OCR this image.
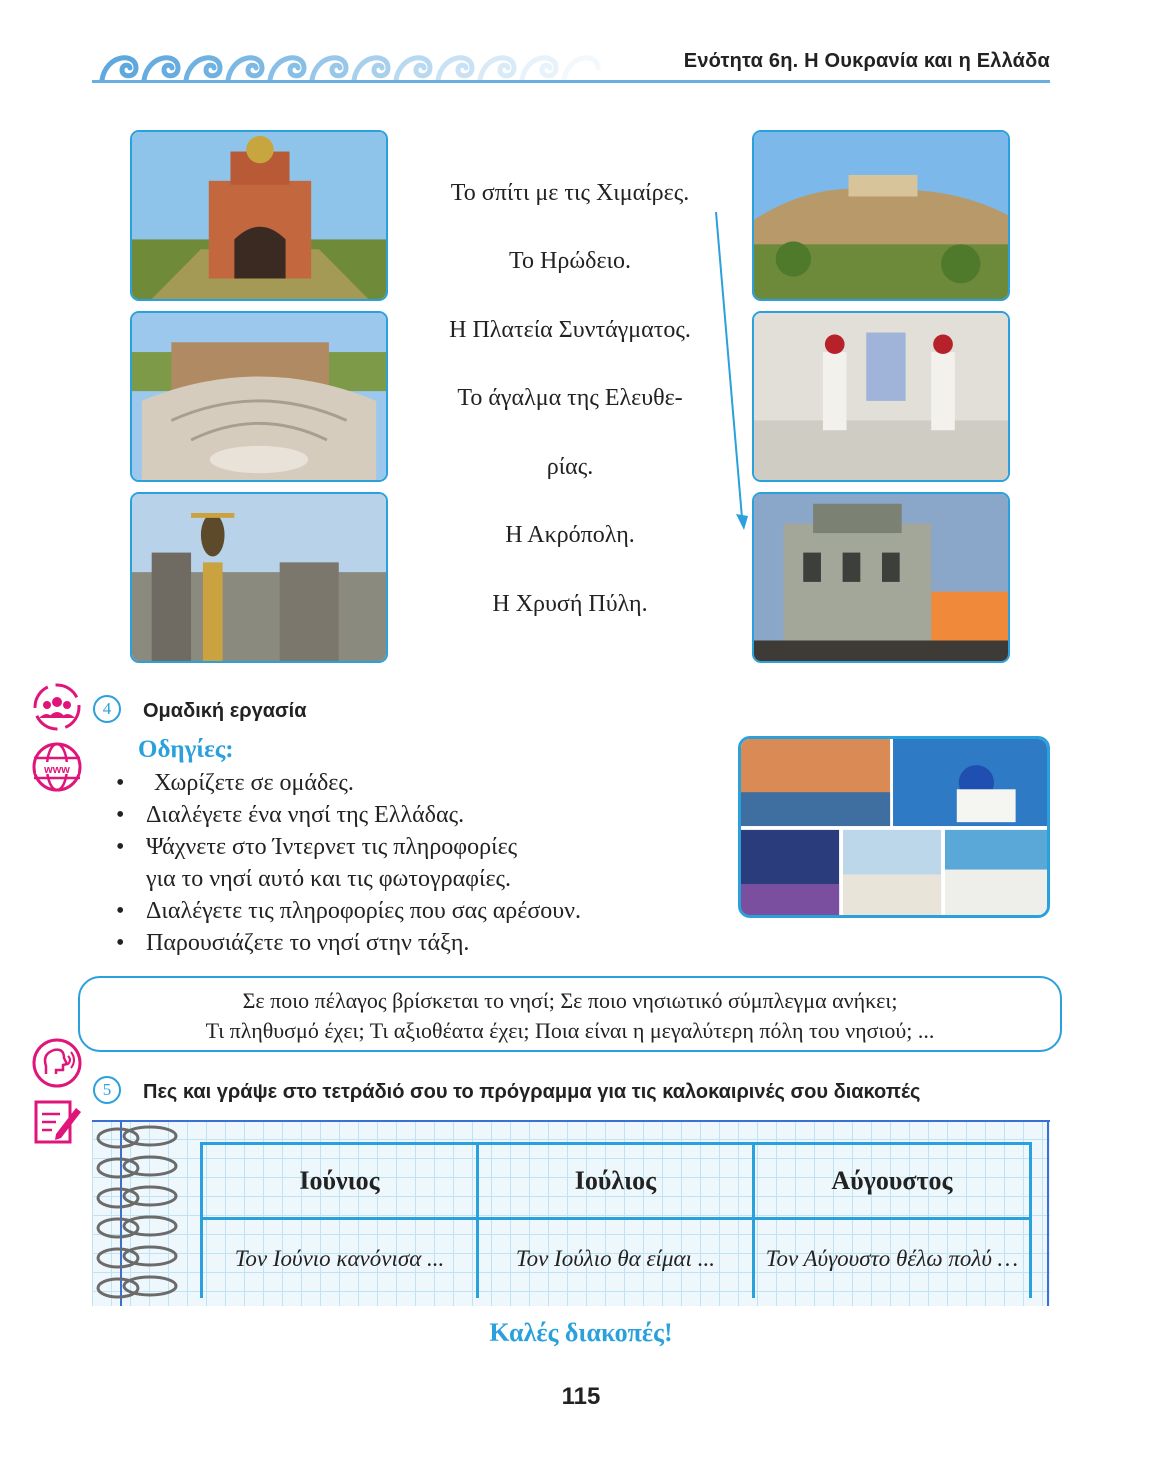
Ενότητα 6η. Η Ουκρανία και η Ελλάδα
Το σπίτι με τις Χιμαίρες.
Το Ηρώδειο.
Η Πλατεία Συντάγματος.
Το άγαλμα της Ελευθε-
ρίας.
Η Ακρόπολη.
Η Χρυσή Πύλη.
4	Ομαδική εργασία
www
Οδηγίες:
• Χωρίζετε σε ομάδες.
• Διαλέγετε ένα νησί της Ελλάδας.
• Ψάχνετε στο Ίντερνετ τις πληροφορίες
για το νησί αυτό και τις φωτογραφίες.
• Διαλέγετε τις πληροφορίες που σας αρέσουν.
• Παρουσιάζετε το νησί στην τάξη.
Σε ποιο πέλαγος βρίσκεται το νησί; Σε ποιο νησιωτικό σύμπλεγμα ανήκει;
Τι πληθυσμό έχει; Τι αξιοθέατα έχει; Ποια είναι η μεγαλύτερη πόλη του νησιού; ...
5	Πες και γράψε στο τετράδιό σου το πρόγραμμα για τις καλοκαιρινές σου διακοπές
Ιούνιος	Ιούλιος	Αύγουστος
Τον Ιούνιο κανόνισα ...	Τον Ιούλιο θα είμαι ...	Τον Αύγουστο θέλω πολύ …
Καλές διακοπές!
115
